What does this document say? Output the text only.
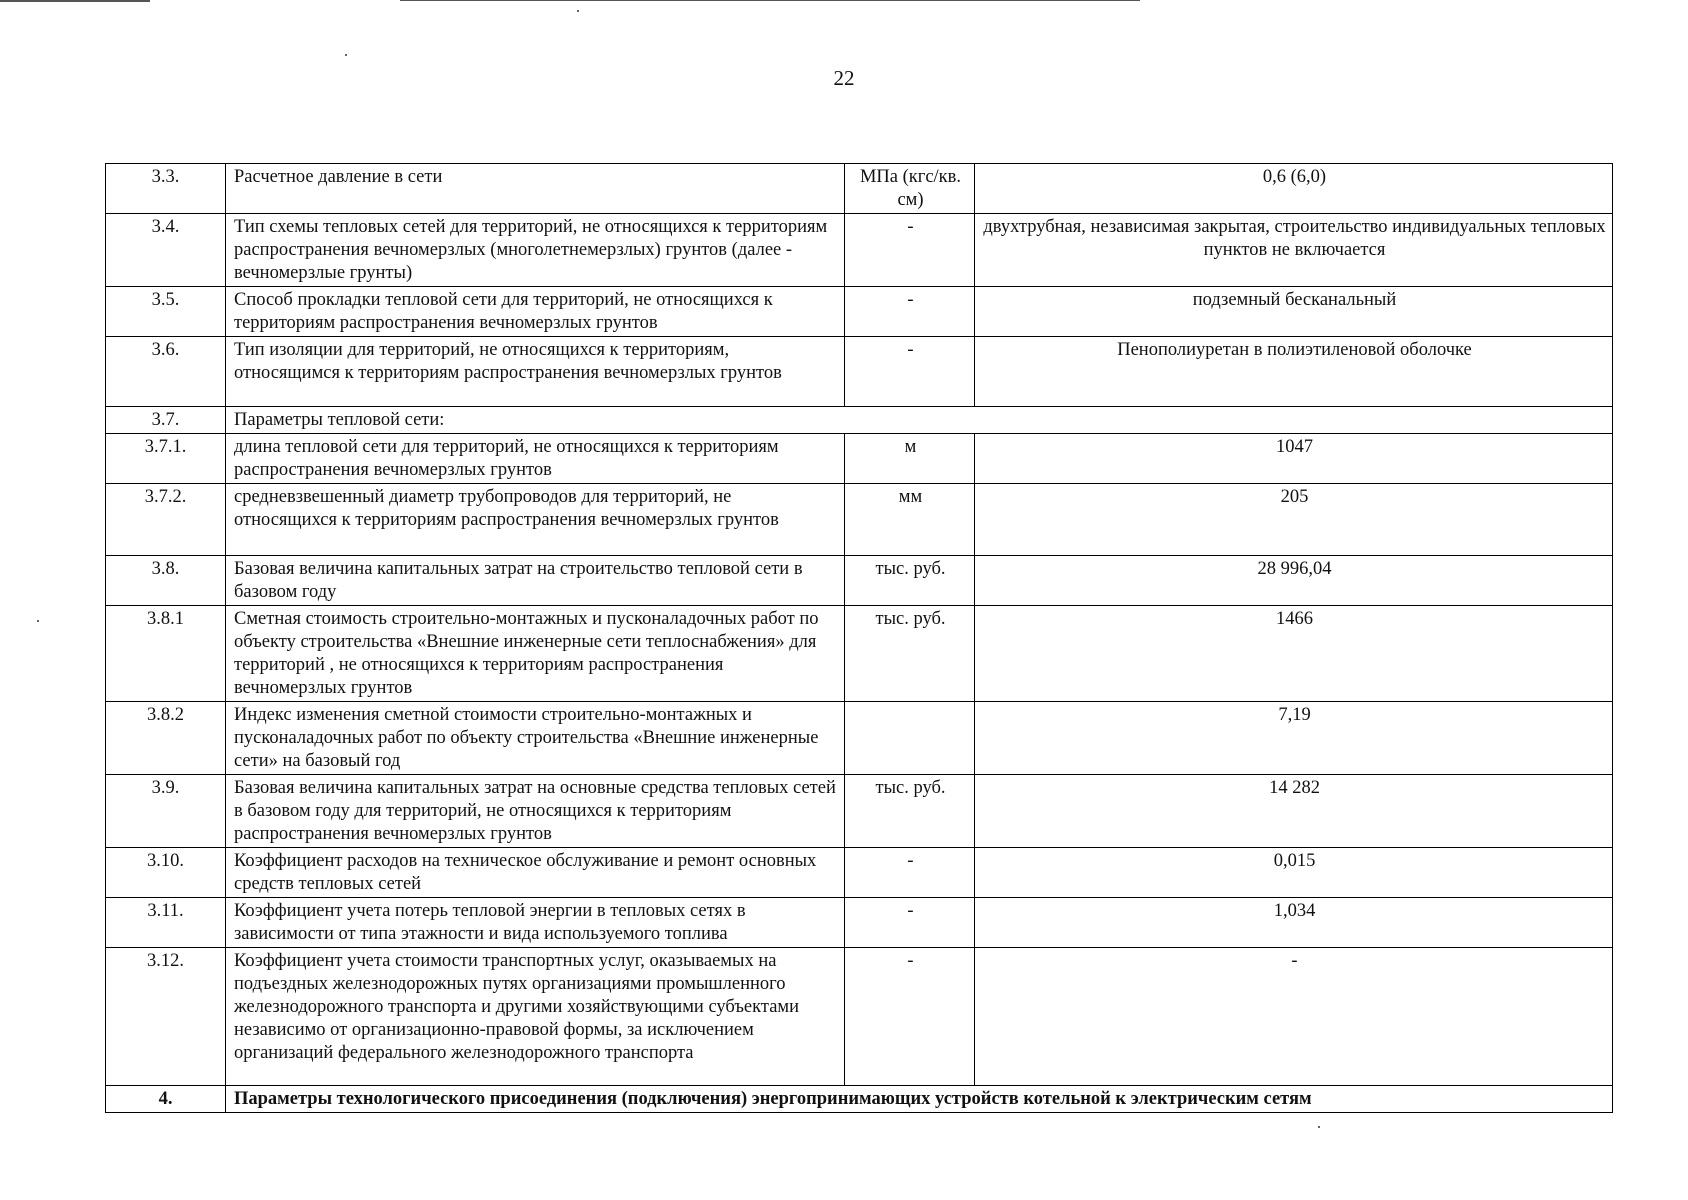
22
3.3.	Расчетное давление в сети	МПа (кгс/кв. см)	0,6 (6,0)
3.4.	Тип схемы тепловых сетей для территорий, не относящихся к территориям распространения вечномерзлых (многолетнемерзлых) грунтов (далее - вечномерзлые грунты)	-	двухтрубная, независимая закрытая, строительство индивидуальных тепловых пунктов не включается
3.5.	Способ прокладки тепловой сети для территорий, не относящихся к территориям распространения вечномерзлых грунтов	-	подземный бесканальный
3.6.	Тип изоляции для территорий, не относящихся к территориям, относящимся к территориям распространения вечномерзлых грунтов	-	Пенополиуретан в полиэтиленовой оболочке
3.7.	Параметры тепловой сети:		
3.7.1.	длина тепловой сети для территорий, не относящихся к территориям распространения вечномерзлых грунтов	м	1047
3.7.2.	средневзвешенный диаметр трубопроводов для территорий, не относящихся к территориям распространения вечномерзлых грунтов	мм	205
3.8.	Базовая величина капитальных затрат на строительство тепловой сети в базовом году	тыс. руб.	28 996,04
3.8.1	Сметная стоимость строительно-монтажных и пусконаладочных работ по объекту строительства «Внешние инженерные сети теплоснабжения» для территорий , не относящихся к территориям распространения вечномерзлых грунтов	тыс. руб.	1466
3.8.2	Индекс изменения сметной стоимости строительно-монтажных и пусконаладочных работ по объекту строительства «Внешние инженерные сети» на базовый год		7,19
3.9.	Базовая величина капитальных затрат на основные средства тепловых сетей в базовом году для территорий, не относящихся к территориям распространения вечномерзлых грунтов	тыс. руб.	14 282
3.10.	Коэффициент расходов на техническое обслуживание и ремонт основных средств тепловых сетей	-	0,015
3.11.	Коэффициент учета потерь тепловой энергии в тепловых сетях в зависимости от типа этажности и вида используемого топлива	-	1,034
3.12.	Коэффициент учета стоимости транспортных услуг, оказываемых на подъездных железнодорожных путях организациями промышленного железнодорожного транспорта и другими хозяйствующими субъектами независимо от организационно-правовой формы, за исключением организаций федерального железнодорожного транспорта	-	-
4.	Параметры технологического присоединения (подключения) энергопринимающих устройств котельной к электрическим сетям		
